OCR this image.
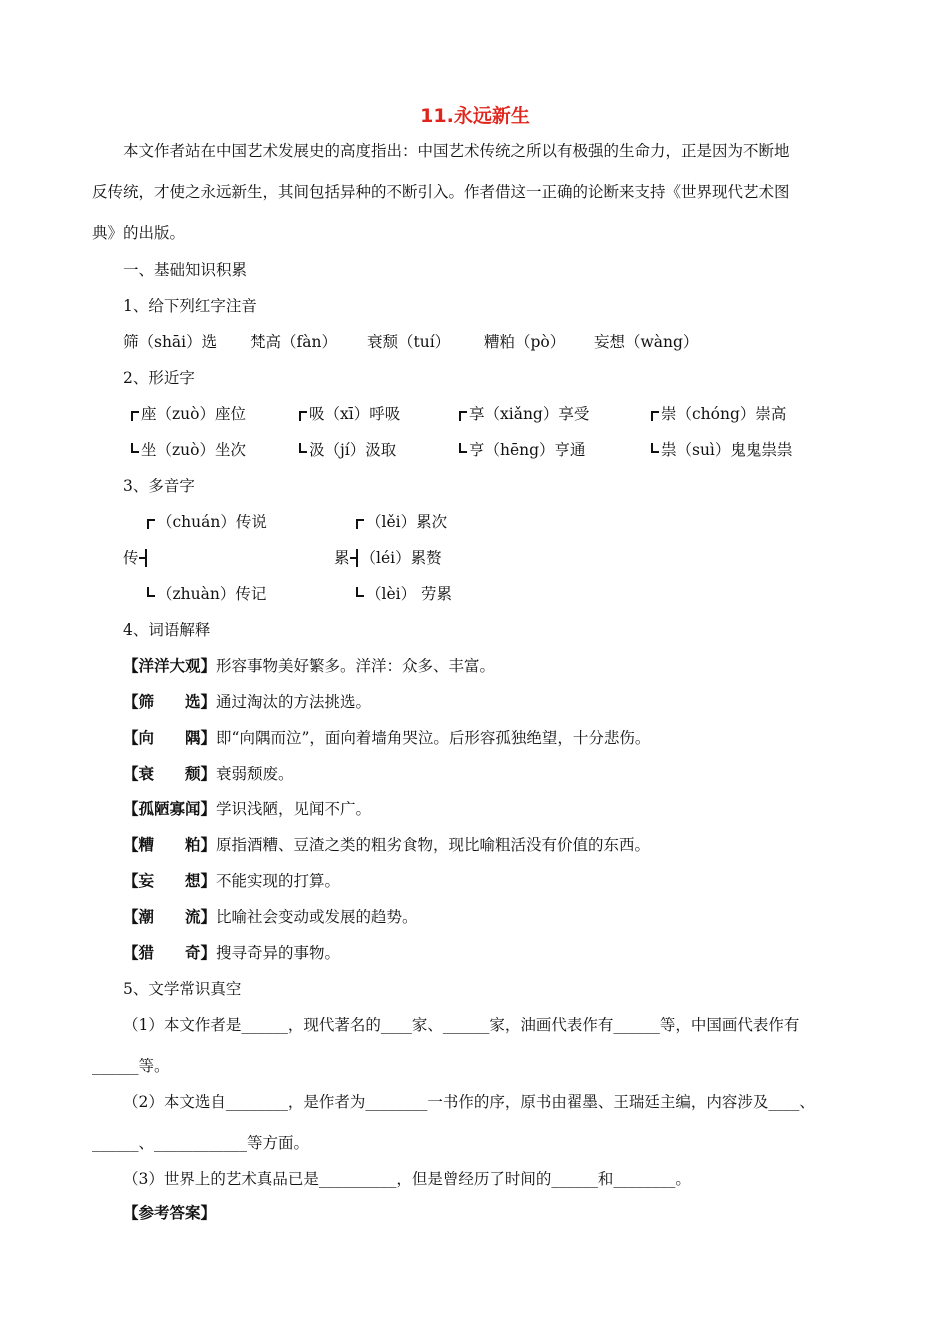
11.永远新生
本文作者站在中国艺术发展史的高度指出：中国艺术传统之所以有极强的生命力，正是因为不断地
反传统，才使之永远新生，其间包括异种的不断引入。作者借这一正确的论断来支持《世界现代艺术图
典》的出版。
一、基础知识积累
1、给下列红字注音
筛（shāi）选 梵高（fàn） 衰颓（tuí） 糟粕（pò） 妄想（wàng）
2、形近字
座（zuò）座位	吸（xī）呼吸	享（xiǎng）享受	崇（chóng）崇高
坐（zuò）坐次	汲（jí）汲取	亨（hēng）亨通	祟（suì）鬼鬼祟祟
3、多音字
（chuán）传说
传
（zhuàn）传记
（lěi）累次
累 （léi）累赘
（lèi） 劳累
4、词语解释
【洋洋大观】形容事物美好繁多。洋洋：众多、丰富。
【筛　　选】通过淘汰的方法挑选。
【向　　隅】即“向隅而泣”，面向着墙角哭泣。后形容孤独绝望，十分悲伤。
【衰　　颓】衰弱颓废。
【孤陋寡闻】学识浅陋，见闻不广。
【糟　　粕】原指酒糟、豆渣之类的粗劣食物，现比喻粗活没有价值的东西。
【妄　　想】不能实现的打算。
【潮　　流】比喻社会变动或发展的趋势。
【猎　　奇】搜寻奇异的事物。
5、文学常识真空
（1）本文作者是______，现代著名的____家、______家，油画代表作有______等，中国画代表作有
______等。
（2）本文选自________，是作者为________一书作的序，原书由翟墨、王瑞廷主编，内容涉及____、
______、____________等方面。
（3）世界上的艺术真品已是__________，但是曾经历了时间的______和________。
【参考答案】
